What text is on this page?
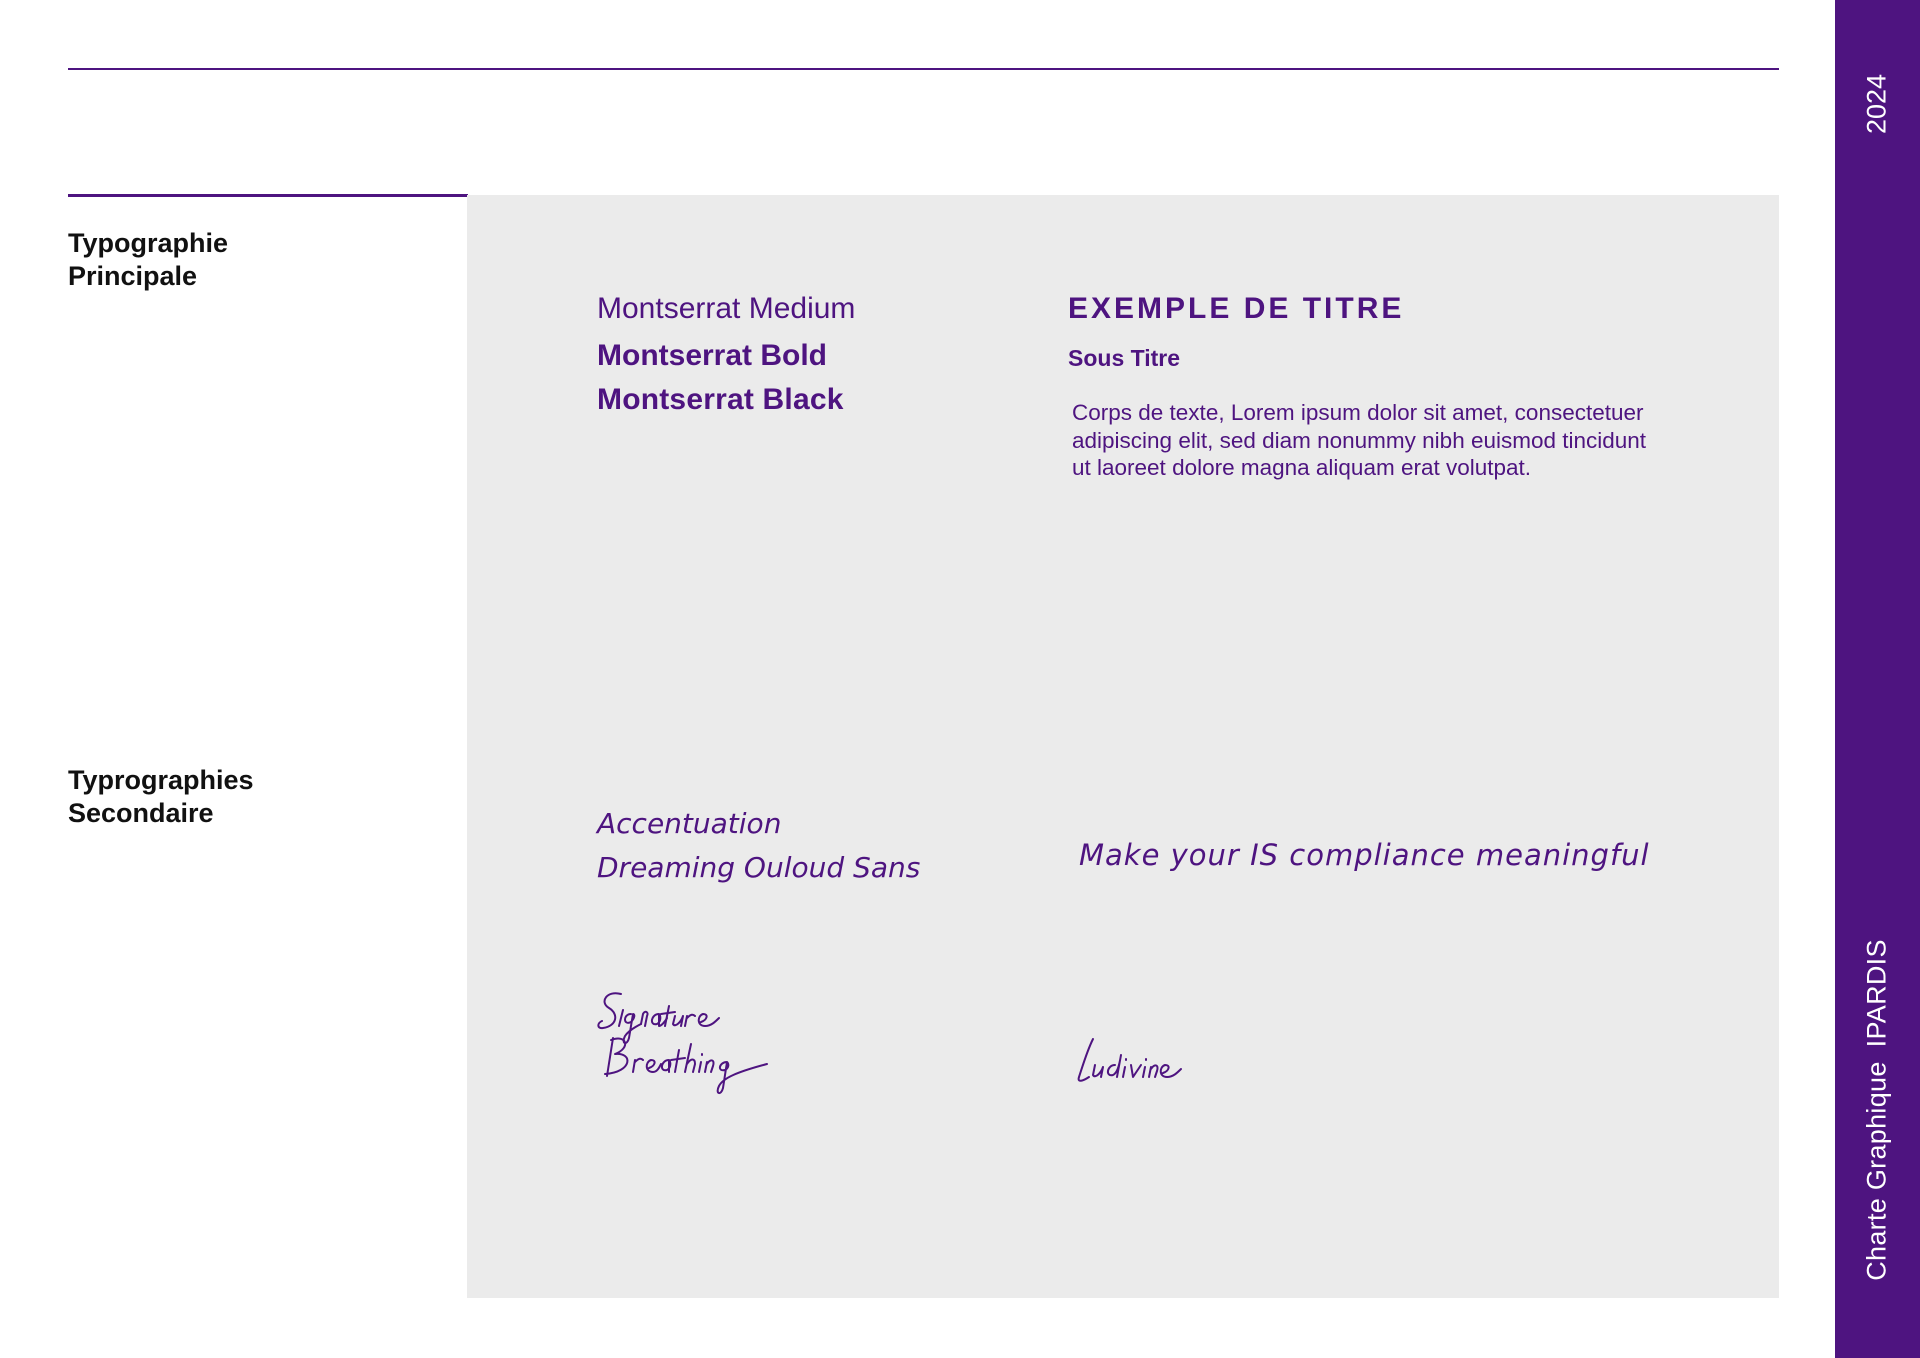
2024
Charte GraphiqueIPARDIS
Typographie
Principale
Typrographies
Secondaire
Montserrat Medium
Montserrat Bold
Montserrat Black
EXEMPLE DE TITRE
Sous Titre
Corps de texte, Lorem ipsum dolor sit amet, consectetuer adipiscing elit, sed diam nonummy nibh euismod tincidunt ut laoreet dolore magna aliquam erat volutpat.
Accentuation
Dreaming Ouloud Sans	Make your IS compliance meaningful
